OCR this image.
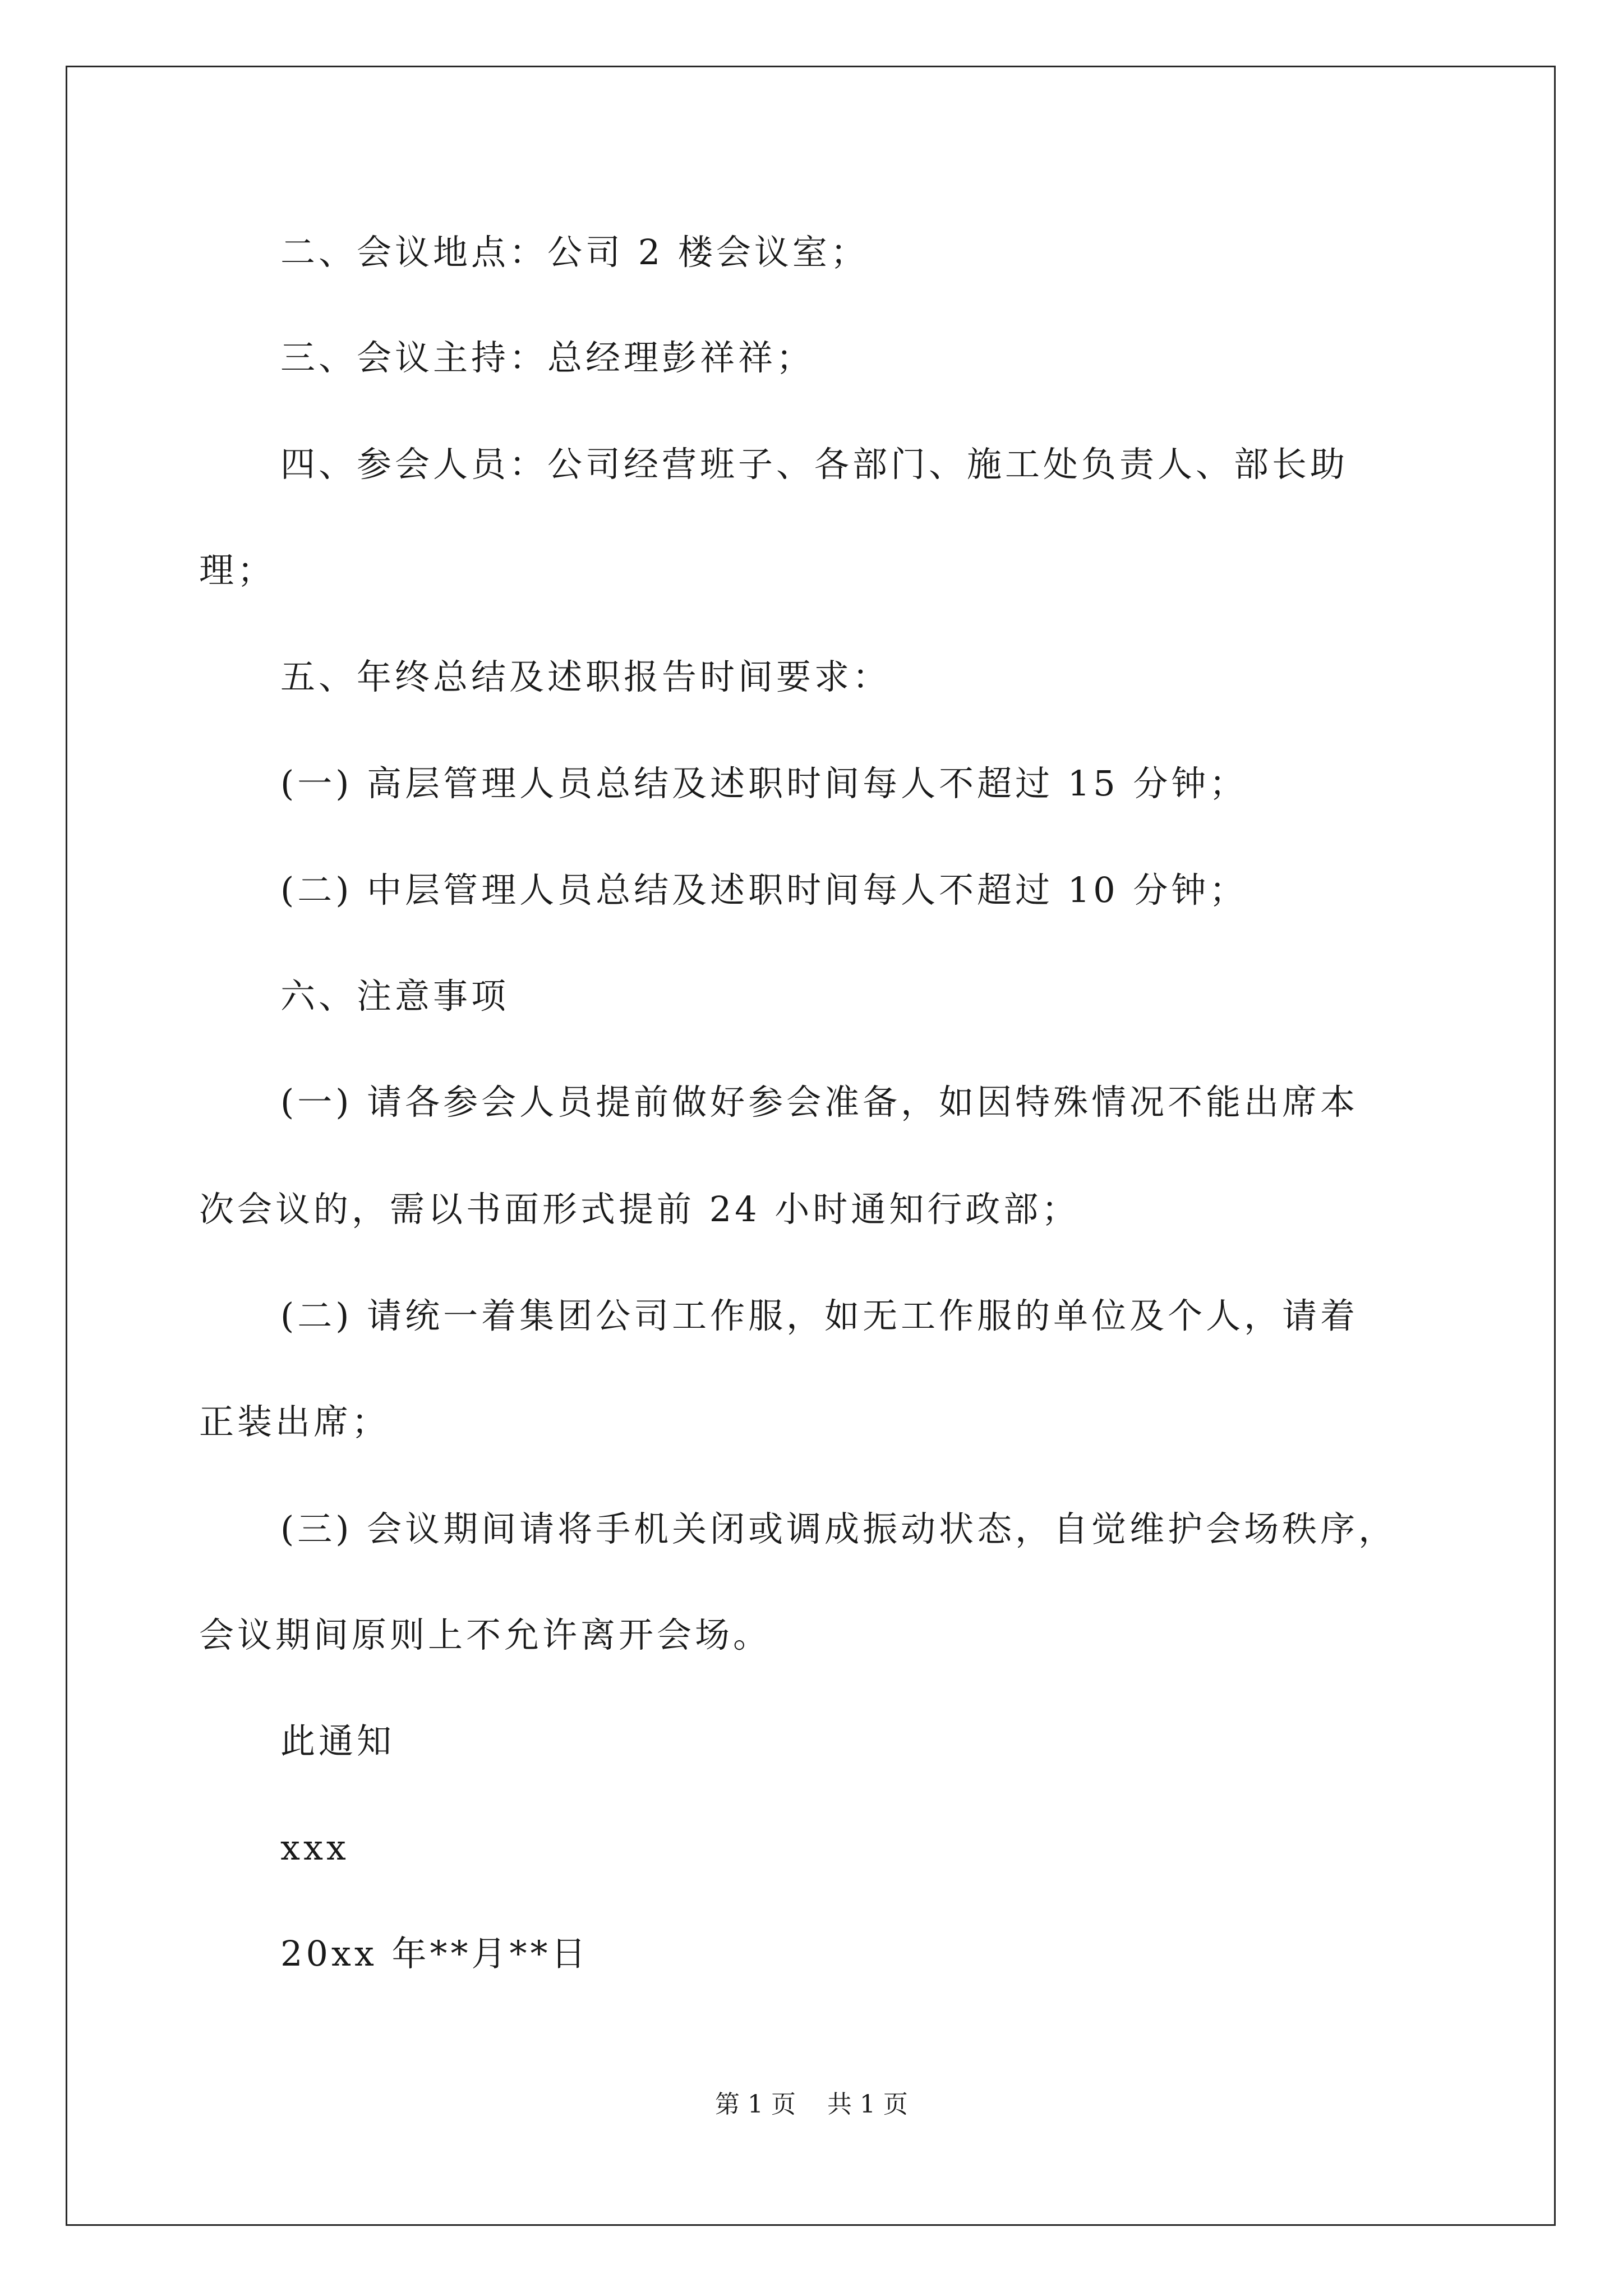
二、会议地点：公司 2 楼会议室；
三、会议主持：总经理彭祥祥；
四、参会人员：公司经营班子、各部门、施工处负责人、部长助
理；
五、年终总结及述职报告时间要求：
(一) 高层管理人员总结及述职时间每人不超过 15 分钟；
(二) 中层管理人员总结及述职时间每人不超过 10 分钟；
六、注意事项
(一) 请各参会人员提前做好参会准备，如因特殊情况不能出席本
次会议的，需以书面形式提前 24 小时通知行政部；
(二) 请统一着集团公司工作服，如无工作服的单位及个人，请着
正装出席；
(三) 会议期间请将手机关闭或调成振动状态，自觉维护会场秩序，
会议期间原则上不允许离开会场。
此通知
xxx
20xx 年**月**日
第 1 页    共 1 页
